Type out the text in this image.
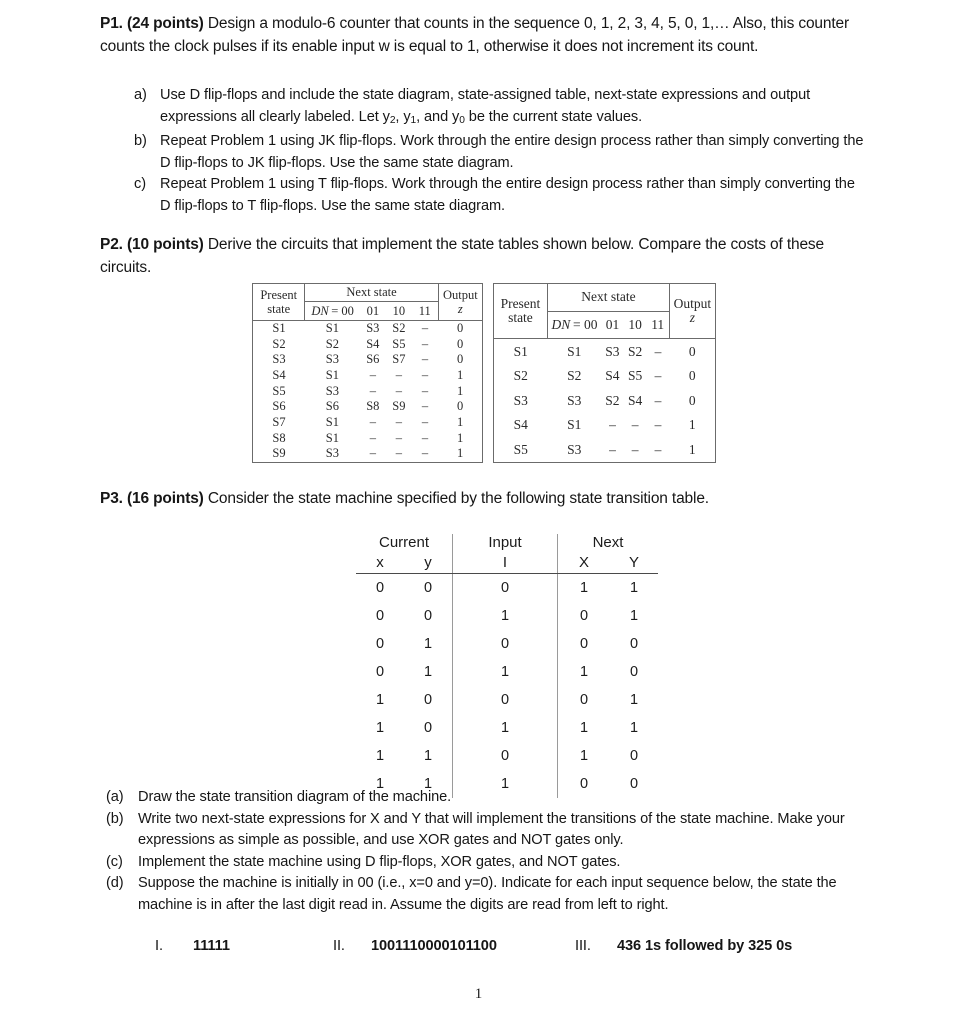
P1. (24 points) Design a modulo-6 counter that counts in the sequence 0, 1, 2, 3, 4, 5, 0, 1,… Also, this counter counts the clock pulses if its enable input w is equal to 1, otherwise it does not increment its count.
a) Use D flip-flops and include the state diagram, state-assigned table, next-state expressions and output expressions all clearly labeled. Let $y_2$, $y_1$, and $y_0$ be the current state values.
b) Repeat Problem 1 using JK flip-flops. Work through the entire design process rather than simply converting the D flip-flops to JK flip-flops. Use the same state diagram.
c) Repeat Problem 1 using T flip-flops. Work through the entire design process rather than simply converting the D flip-flops to T flip-flops. Use the same state diagram.
P2. (10 points) Derive the circuits that implement the state tables shown below. Compare the costs of these circuits.
Present
state
	Next state	Output
z

	DN  = 00	01	10	11	
S1	S1	S3	S2	–	0
S2	S2	S4	S5	–	0
S3	S3	S6	S7	–	0
S4	S1	–	–	–	1
S5	S3	–	–	–	1
S6	S6	S8	S9	–	0
S7	S1	–	–	–	1
S8	S1	–	–	–	1
S9	S3	–	–	–	1
Present
state
	Next state	Output
z

	DN  = 00	01	10	11	
S1	S1	S3	S2	–	0
S2	S2	S4	S5	–	0
S3	S3	S2	S4	–	0
S4	S1	–	–	–	1
S5	S3	–	–	–	1
P3. (16 points) Consider the state machine specified by the following state transition table.
Current		Input	Next	
x	y	I	X	Y
0	0	0	1	1
0	0	1	0	1
0	1	0	0	0
0	1	1	1	0
1	0	0	0	1
1	0	1	1	1
1	1	0	1	0
1	1	1	0	0
(a) Draw the state transition diagram of the machine.
(b) Write two next-state expressions for X and Y that will implement the transitions of the state machine. Make your expressions as simple as possible, and use XOR gates and NOT gates only.
(c)	Implement the state machine using D flip-flops, XOR gates, and NOT gates.
(d) Suppose the machine is initially in 00 (i.e., x=0 and y=0). Indicate for each input sequence below, the state the machine is in after the last digit read in. Assume the digits are read from left to right.
I. 11111	II. 1001110000101100	III. 436 1s followed by 325 0s
1
